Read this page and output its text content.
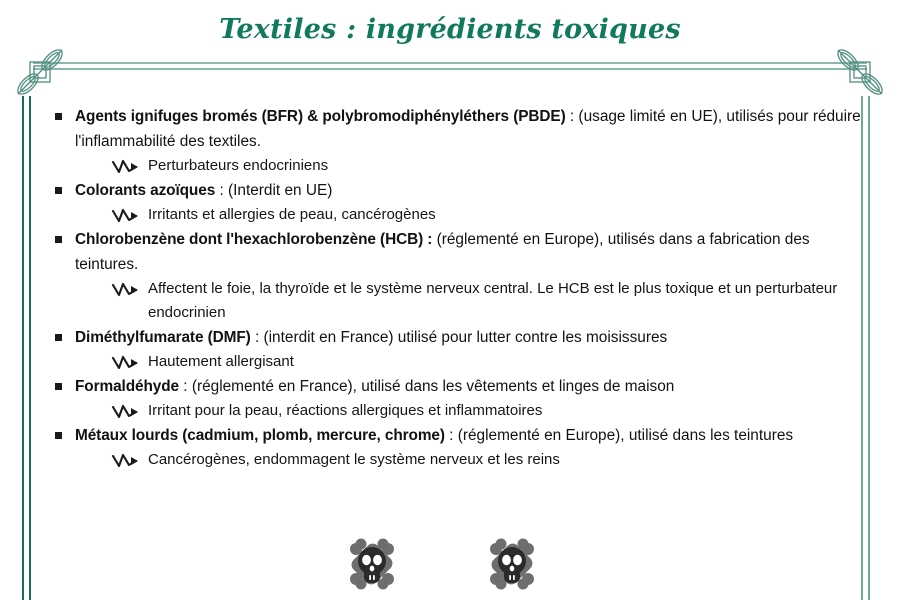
Textiles : ingrédients toxiques
Agents ignifuges bromés (BFR) & polybromodiphényléthers (PBDE) : (usage limité en UE), utilisés pour réduire l'inflammabilité des textiles.
Perturbateurs endocriniens
Colorants azoïques : (Interdit en UE)
Irritants et allergies de peau, cancérogènes
Chlorobenzène dont l'hexachlorobenzène (HCB) : (réglementé en Europe), utilisés dans a fabrication des teintures.
Affectent le foie, la thyroïde et le système nerveux central. Le HCB est le plus toxique et un perturbateur endocrinien
Diméthylfumarate (DMF) : (interdit en France) utilisé pour lutter contre les moisissures
Hautement allergisant
Formaldéhyde : (réglementé en France), utilisé dans les vêtements et linges de maison
Irritant pour la peau, réactions allergiques et inflammatoires
Métaux lourds (cadmium, plomb, mercure, chrome) : (réglementé en Europe), utilisé dans les teintures
Cancérogènes, endommagent le système nerveux et les reins
